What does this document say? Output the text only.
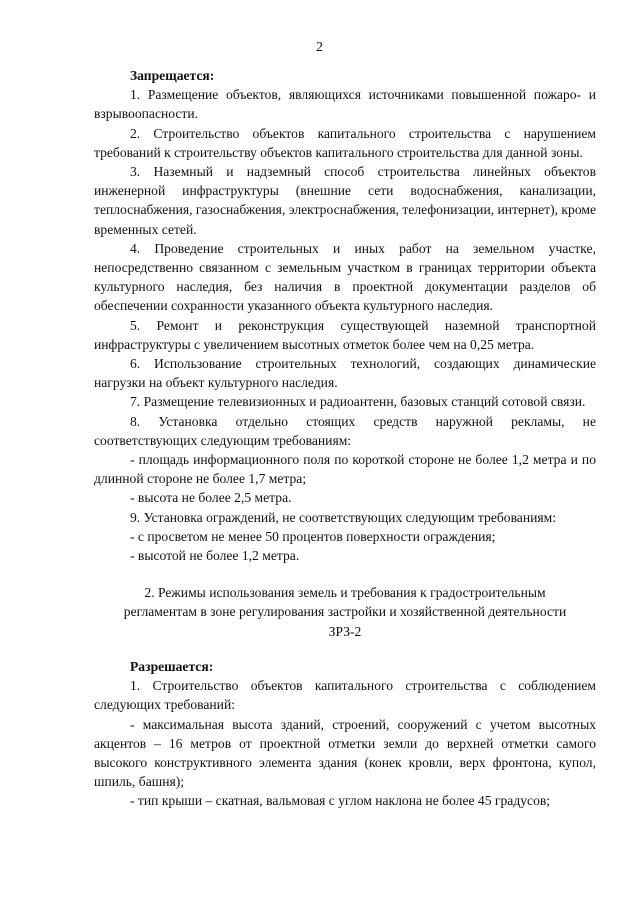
2

Запрещается:

1. Размещение объектов, являющихся источниками повышенной пожаро- и взрывоопасности.

2. Строительство объектов капитального строительства с нарушением требований к строительству объектов капитального строительства для данной зоны.

3. Наземный и надземный способ строительства линейных объектов инженерной инфраструктуры (внешние сети водоснабжения, канализации, теплоснабжения, газоснабжения, электроснабжения, телефонизации, интернет), кроме временных сетей.

4. Проведение строительных и иных работ на земельном участке, непосредственно связанном с земельным участком в границах территории объекта культурного наследия, без наличия в проектной документации разделов об обеспечении сохранности указанного объекта культурного наследия.

5. Ремонт и реконструкция существующей наземной транспортной инфраструктуры с увеличением высотных отметок более чем на 0,25 метра.

6. Использование строительных технологий, создающих динамические нагрузки на объект культурного наследия.

7. Размещение телевизионных и радиоантенн, базовых станций сотовой связи.

8. Установка отдельно стоящих средств наружной рекламы, не соответствующих следующим требованиям:

- площадь информационного поля по короткой стороне не более 1,2 метра и по длинной стороне не более 1,7 метра;

- высота не более 2,5 метра.

9. Установка ограждений, не соответствующих следующим требованиям:

- с просветом не менее 50 процентов поверхности ограждения;

- высотой не более 1,2 метра.

2. Режимы использования земель и требования к градостроительным
регламентам в зоне регулирования застройки и хозяйственной деятельности
ЗРЗ-2

Разрешается:

1. Строительство объектов капитального строительства с соблюдением следующих требований:

- максимальная высота зданий, строений, сооружений с учетом высотных акцентов – 16 метров от проектной отметки земли до верхней отметки самого высокого конструктивного элемента здания (конек кровли, верх фронтона, купол, шпиль, башня);

- тип крыши – скатная, вальмовая с углом наклона не более 45 градусов;
